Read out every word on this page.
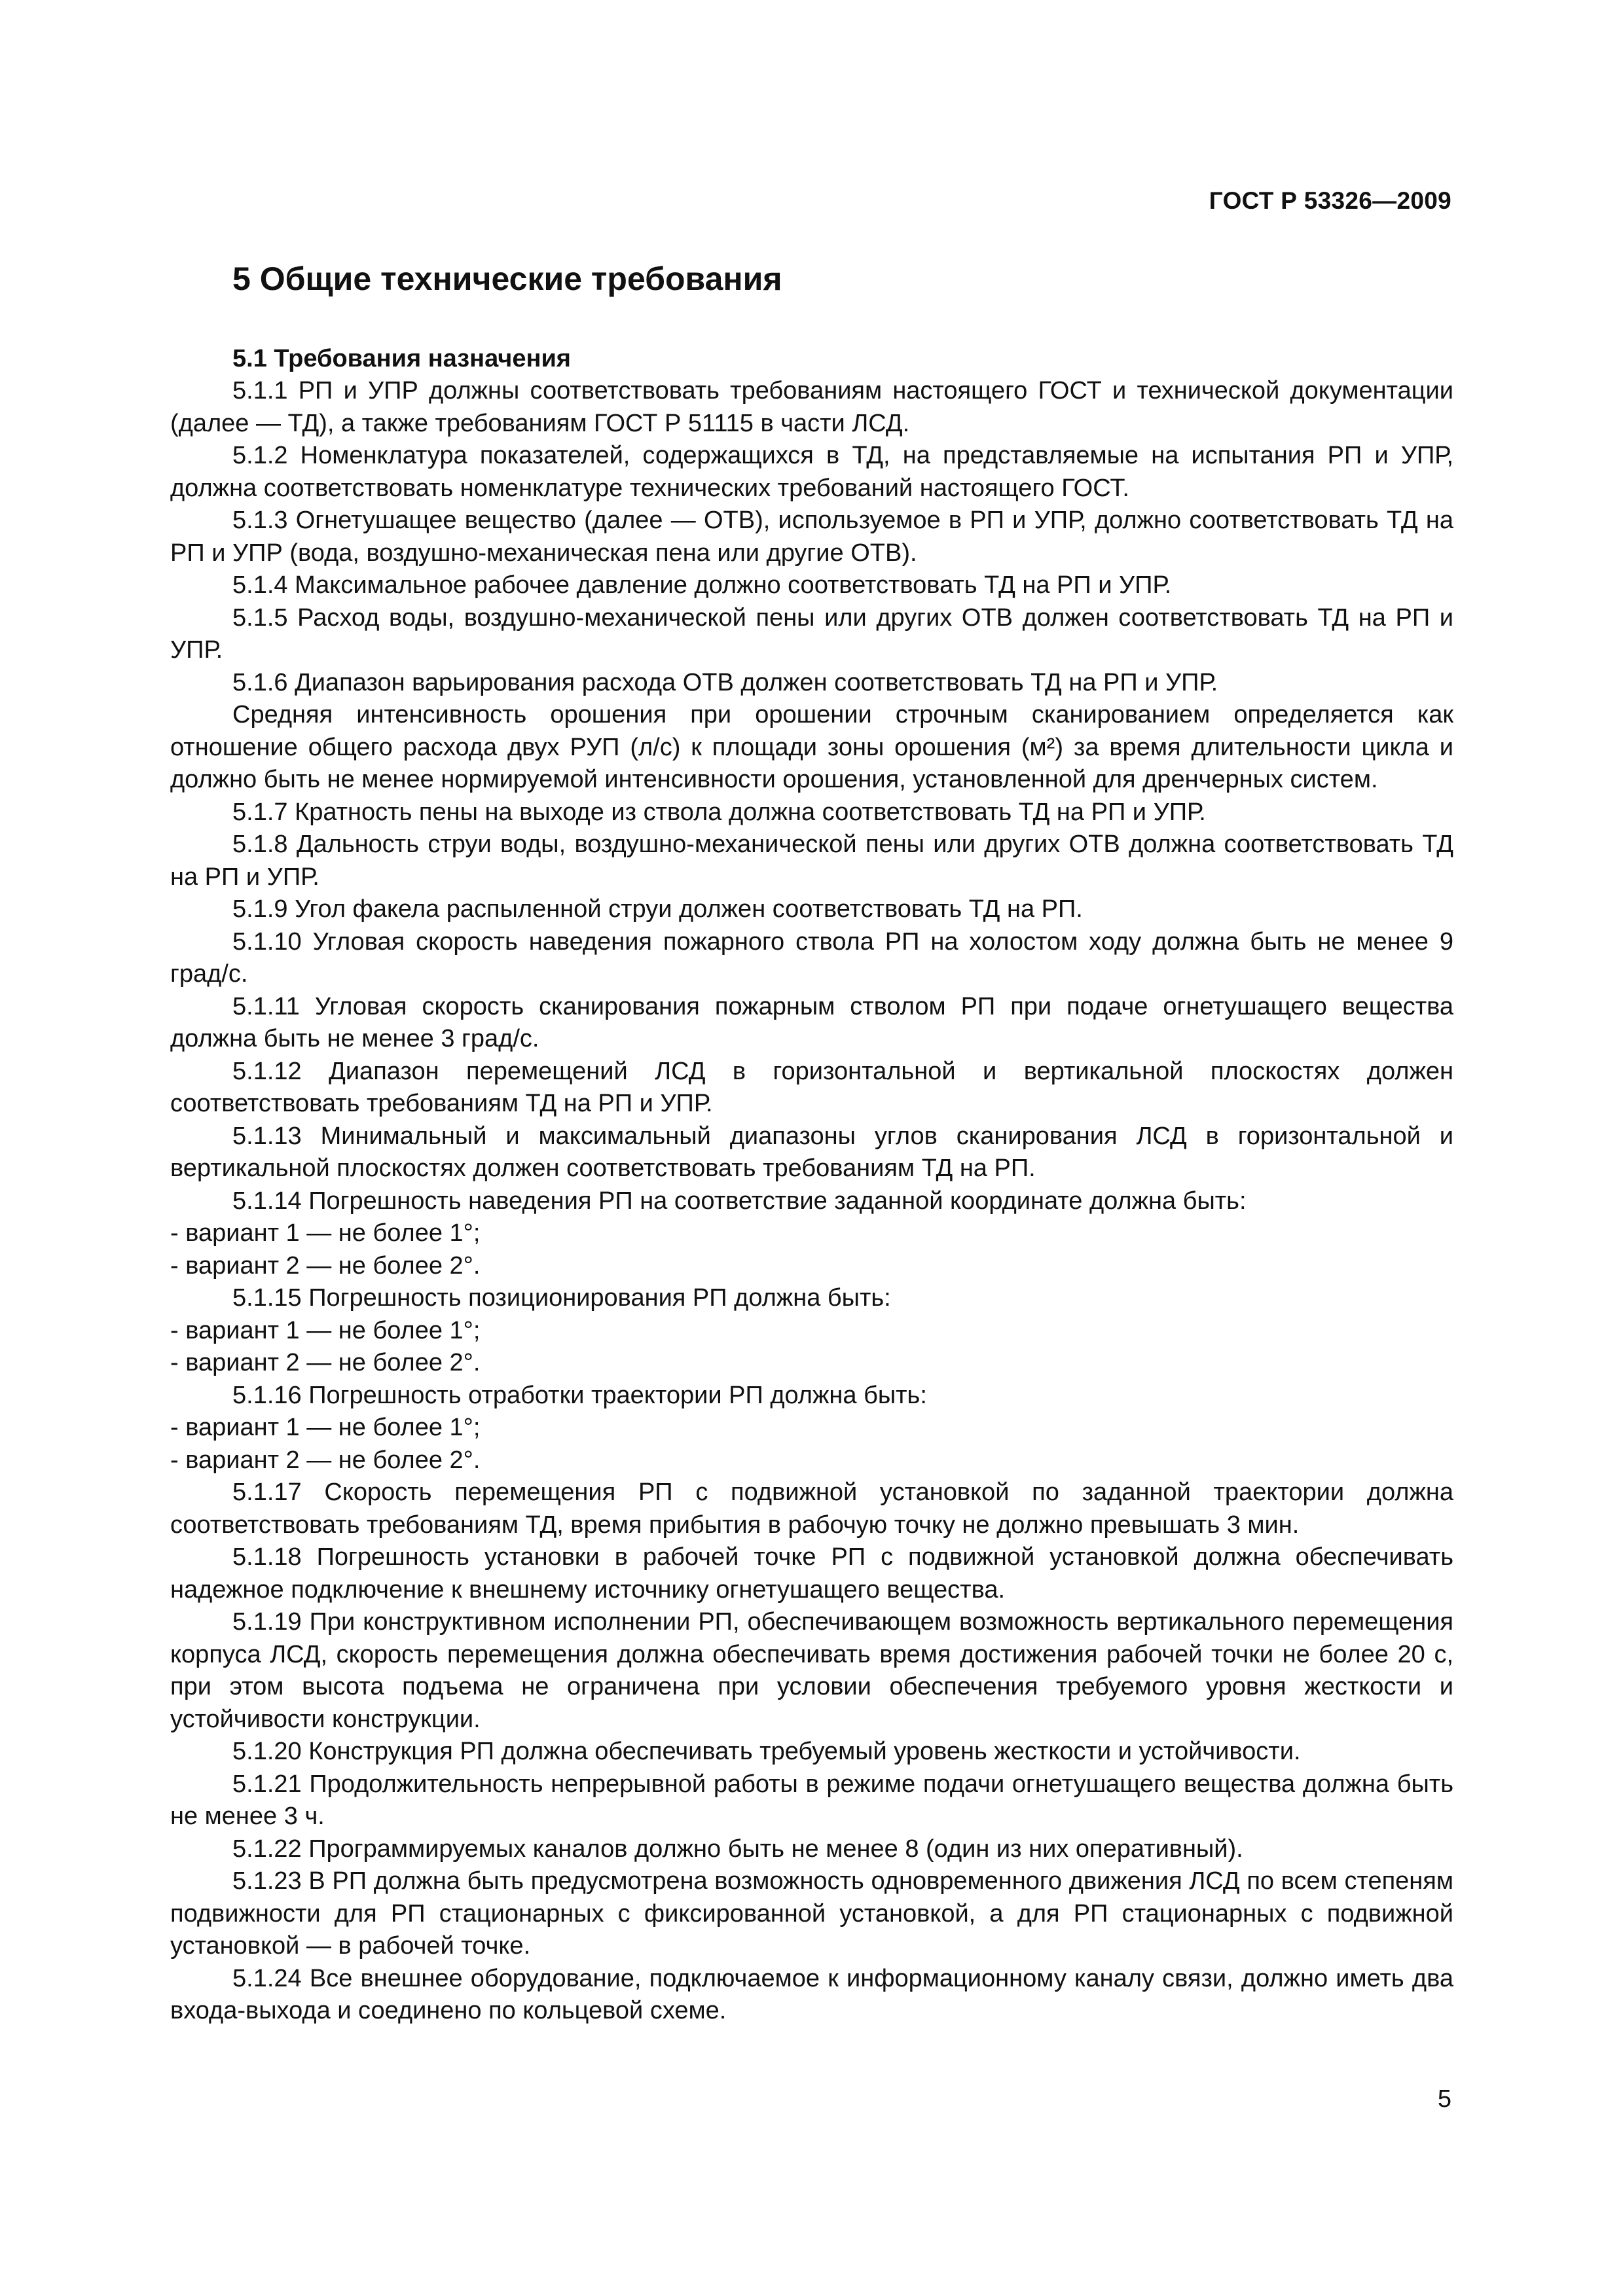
ГОСТ Р 53326—2009
5 Общие технические требования
5.1 Требования назначения

5.1.1 РП и УПР должны соответствовать требованиям настоящего ГОСТ и технической документации (далее — ТД), а также требованиям ГОСТ Р 51115 в части ЛСД.

5.1.2 Номенклатура показателей, содержащихся в ТД, на представляемые на испытания РП и УПР, должна соответствовать номенклатуре технических требований настоящего ГОСТ.

5.1.3 Огнетушащее вещество (далее — ОТВ), используемое в РП и УПР, должно соответствовать ТД на РП и УПР (вода, воздушно-механическая пена или другие ОТВ).

5.1.4 Максимальное рабочее давление должно соответствовать ТД на РП и УПР.

5.1.5 Расход воды, воздушно-механической пены или других ОТВ должен соответствовать ТД на РП и УПР.

5.1.6 Диапазон варьирования расхода ОТВ должен соответствовать ТД на РП и УПР.

Средняя интенсивность орошения при орошении строчным сканированием определяется как отношение общего расхода двух РУП (л/с) к площади зоны орошения (м²) за время длительности цикла и должно быть не менее нормируемой интенсивности орошения, установленной для дренчерных систем.

5.1.7 Кратность пены на выходе из ствола должна соответствовать ТД на РП и УПР.

5.1.8 Дальность струи воды, воздушно-механической пены или других ОТВ должна соответствовать ТД на РП и УПР.

5.1.9 Угол факела распыленной струи должен соответствовать ТД на РП.

5.1.10 Угловая скорость наведения пожарного ствола РП на холостом ходу должна быть не менее 9 град/с.

5.1.11 Угловая скорость сканирования пожарным стволом РП при подаче огнетушащего вещества должна быть не менее 3 град/с.

5.1.12 Диапазон перемещений ЛСД в горизонтальной и вертикальной плоскостях должен соответствовать требованиям ТД на РП и УПР.

5.1.13 Минимальный и максимальный диапазоны углов сканирования ЛСД в горизонтальной и вертикальной плоскостях должен соответствовать требованиям ТД на РП.

5.1.14 Погрешность наведения РП на соответствие заданной координате должна быть:

- вариант 1 — не более 1°;

- вариант 2 — не более 2°.

5.1.15 Погрешность позиционирования РП должна быть:

- вариант 1 — не более 1°;

- вариант 2 — не более 2°.

5.1.16 Погрешность отработки траектории РП должна быть:

- вариант 1 — не более 1°;

- вариант 2 — не более 2°.

5.1.17 Скорость перемещения РП с подвижной установкой по заданной траектории должна соответствовать требованиям ТД, время прибытия в рабочую точку не должно превышать 3 мин.

5.1.18 Погрешность установки в рабочей точке РП с подвижной установкой должна обеспечивать надежное подключение к внешнему источнику огнетушащего вещества.

5.1.19 При конструктивном исполнении РП, обеспечивающем возможность вертикального перемещения корпуса ЛСД, скорость перемещения должна обеспечивать время достижения рабочей точки не более 20 с, при этом высота подъема не ограничена при условии обеспечения требуемого уровня жесткости и устойчивости конструкции.

5.1.20 Конструкция РП должна обеспечивать требуемый уровень жесткости и устойчивости.

5.1.21 Продолжительность непрерывной работы в режиме подачи огнетушащего вещества должна быть не менее 3 ч.

5.1.22 Программируемых каналов должно быть не менее 8 (один из них оперативный).

5.1.23 В РП должна быть предусмотрена возможность одновременного движения ЛСД по всем степеням подвижности для РП стационарных с фиксированной установкой, а для РП стационарных с подвижной установкой — в рабочей точке.

5.1.24 Все внешнее оборудование, подключаемое к информационному каналу связи, должно иметь два входа-выхода и соединено по кольцевой схеме.

5
